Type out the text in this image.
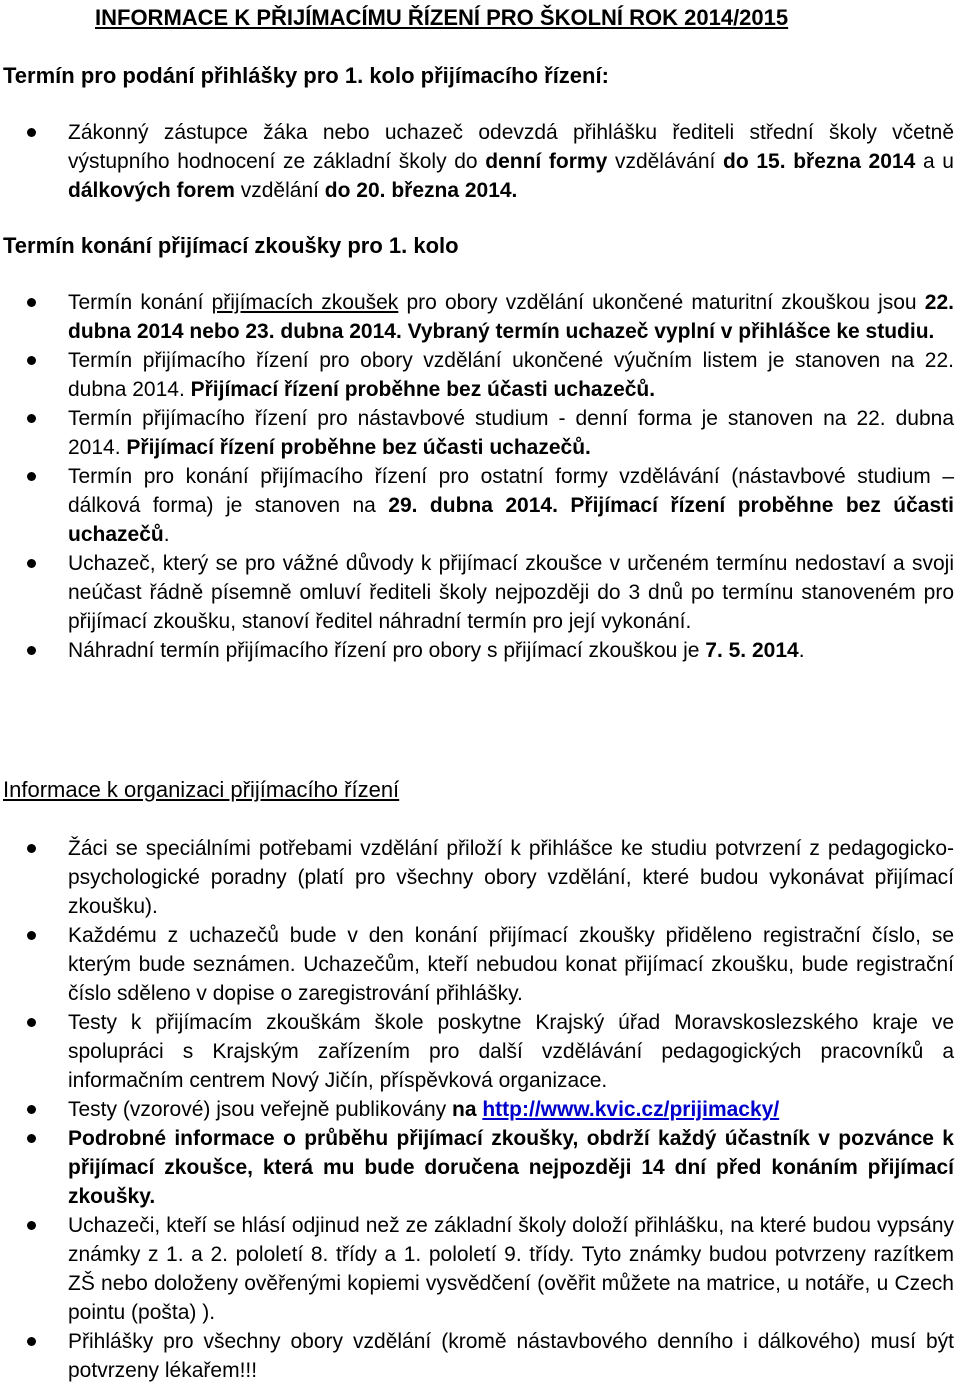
INFORMACE K PŘIJÍMACÍMU ŘÍZENÍ PRO ŠKOLNÍ ROK 2014/2015
Termín pro podání přihlášky pro 1. kolo přijímacího řízení:
Zákonný zástupce žáka nebo uchazeč odevzdá přihlášku řediteli střední školy včetně výstupního hodnocení ze základní školy do denní formy vzdělávání do 15. března 2014 a u dálkových forem vzdělání do 20. března 2014.
Termín konání přijímací zkoušky pro 1. kolo
Termín konání přijímacích zkoušek pro obory vzdělání ukončené maturitní zkouškou jsou 22. dubna 2014 nebo 23. dubna 2014. Vybraný termín uchazeč vyplní v přihlášce ke studiu.
Termín přijímacího řízení pro obory vzdělání ukončené výučním listem je stanoven na 22. dubna 2014. Přijímací řízení proběhne bez účasti uchazečů.
Termín přijímacího řízení pro nástavbové studium - denní forma je stanoven na 22. dubna 2014. Přijímací řízení proběhne bez účasti uchazečů.
Termín pro konání přijímacího řízení pro ostatní formy vzdělávání (nástavbové studium – dálková forma) je stanoven na 29. dubna 2014. Přijímací řízení proběhne bez účasti uchazečů.
Uchazeč, který se pro vážné důvody k přijímací zkoušce v určeném termínu nedostaví a svoji neúčast řádně písemně omluví řediteli školy nejpozději do 3 dnů po termínu stanoveném pro přijímací zkoušku, stanoví ředitel náhradní termín pro její vykonání.
Náhradní termín přijímacího řízení pro obory s přijímací zkouškou je 7. 5. 2014.
Informace k organizaci přijímacího řízení
Žáci se speciálními potřebami vzdělání přiloží k přihlášce ke studiu potvrzení z pedagogicko-psychologické poradny (platí pro všechny obory vzdělání, které budou vykonávat přijímací zkoušku).
Každému z uchazečů bude v den konání přijímací zkoušky přiděleno registrační číslo, se kterým bude seznámen. Uchazečům, kteří nebudou konat přijímací zkoušku, bude registrační číslo sděleno v dopise o zaregistrování přihlášky.
Testy k přijímacím zkouškám škole poskytne Krajský úřad Moravskoslezského kraje ve spolupráci s Krajským zařízením pro další vzdělávání pedagogických pracovníků a informačním centrem Nový Jičín, příspěvková organizace.
Testy (vzorové) jsou veřejně publikovány na http://www.kvic.cz/prijimacky/
Podrobné informace o průběhu přijímací zkoušky, obdrží každý účastník v pozvánce k přijímací zkoušce, která mu bude doručena nejpozději 14 dní před konáním přijímací zkoušky.
Uchazeči, kteří se hlásí odjinud než ze základní školy doloží přihlášku, na které budou vypsány známky z 1. a 2. pololetí 8. třídy a 1. pololetí 9. třídy. Tyto známky budou potvrzeny razítkem ZŠ nebo doloženy ověřenými kopiemi vysvědčení (ověřit můžete na matrice, u notáře, u Czech pointu (pošta) ).
Přihlášky pro všechny obory vzdělání (kromě nástavbového denního i dálkového) musí být potvrzeny lékařem!!!
